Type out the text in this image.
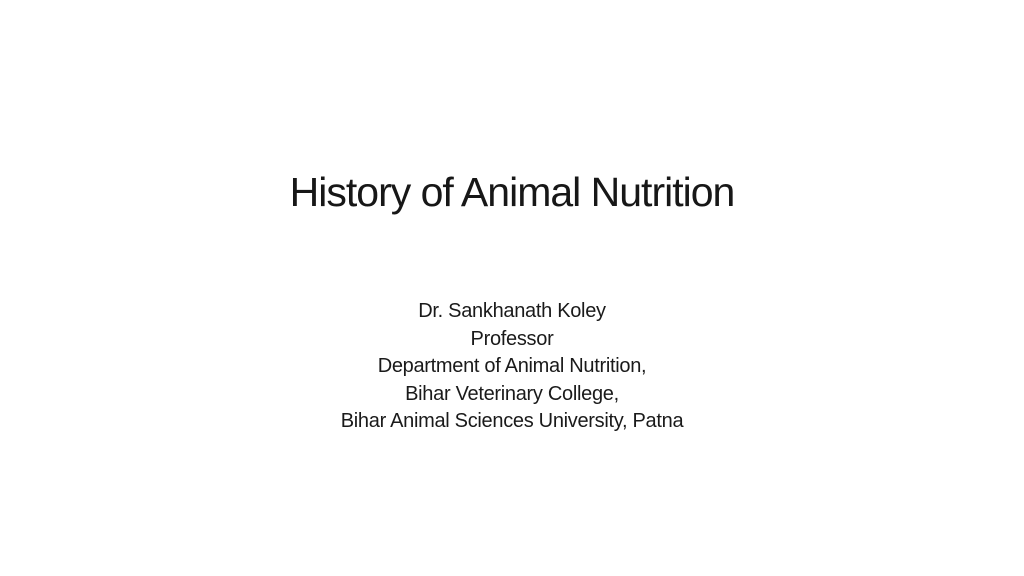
History of Animal Nutrition
Dr. Sankhanath Koley
Professor
Department of Animal Nutrition,
Bihar Veterinary College,
Bihar Animal Sciences University, Patna
